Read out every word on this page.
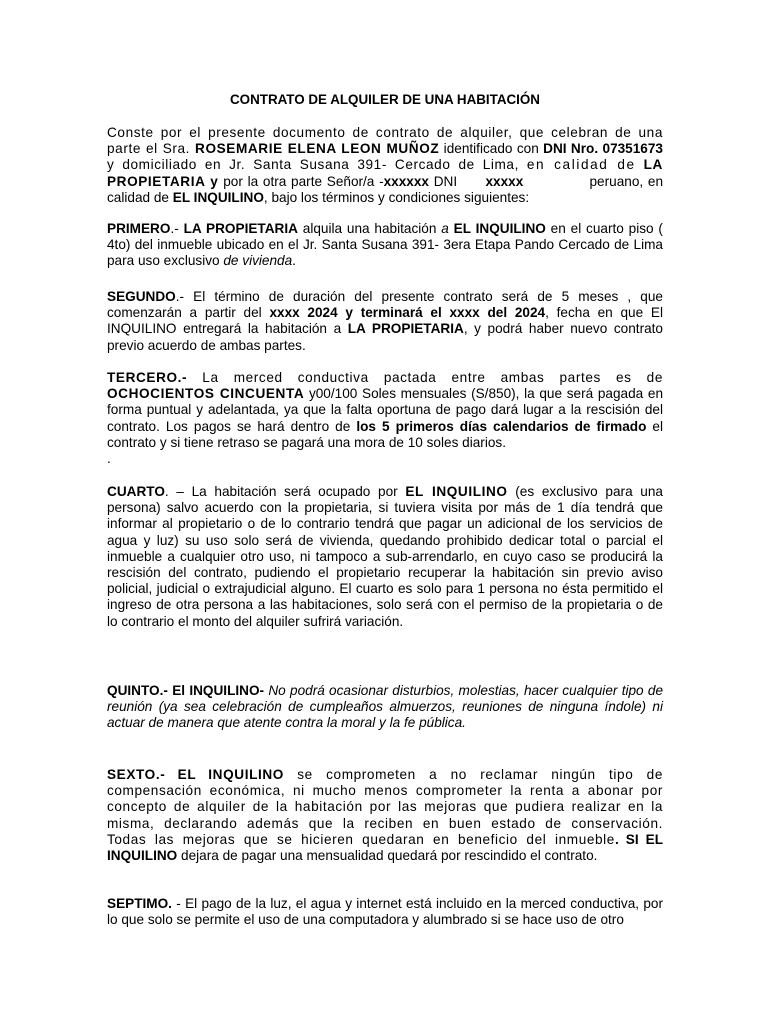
CONTRATO DE ALQUILER DE UNA HABITACIÓN

Conste por el presente documento de contrato de alquiler, que celebran de una parte el Sra. ROSEMARIE ELENA LEON MUÑOZ identificado con DNI Nro. 07351673 y domiciliado en Jr. Santa Susana 391- Cercado de Lima, en calidad de LA PROPIETARIA y por la otra parte Señor/a -xxxxxx DNI      xxxxx              peruano, en calidad de EL INQUILINO, bajo los términos y condiciones siguientes:

PRIMERO.- LA PROPIETARIA alquila una habitación a EL INQUILINO en el cuarto piso ( 4to) del inmueble ubicado en el Jr. Santa Susana 391- 3era Etapa Pando Cercado de Lima para uso exclusivo de vivienda.

SEGUNDO.- El término de duración del presente contrato será de 5 meses , que comenzarán a partir del xxxx 2024 y terminará el xxxx del 2024, fecha en que El INQUILINO entregará la habitación a LA PROPIETARIA, y podrá haber nuevo contrato previo acuerdo de ambas partes.

TERCERO.- La merced conductiva pactada entre ambas partes es de OCHOCIENTOS CINCUENTA y00/100 Soles mensuales (S/850), la que será pagada en forma puntual y adelantada, ya que la falta oportuna de pago dará lugar a la rescisión del contrato. Los pagos se hará dentro de los 5 primeros días calendarios de firmado el contrato y si tiene retraso se pagará una mora de 10 soles diarios.
.

CUARTO. – La habitación será ocupado por EL INQUILINO (es exclusivo para una persona) salvo acuerdo con la propietaria, si tuviera visita por más de 1 día tendrá que informar al propietario o de lo contrario tendrá que pagar un adicional de los servicios de agua y luz) su uso solo será de vivienda, quedando prohibido dedicar total o parcial el inmueble a cualquier otro uso, ni tampoco a sub-arrendarlo, en cuyo caso se producirá la rescisión del contrato, pudiendo el propietario recuperar la habitación sin previo aviso policial, judicial o extrajudicial alguno. El cuarto es solo para 1 persona no ésta permitido el ingreso de otra persona a las habitaciones, solo será con el permiso de la propietaria o de lo contrario el monto del alquiler sufrirá variación.

QUINTO.- El INQUILINO- No podrá ocasionar disturbios, molestias, hacer cualquier tipo de reunión (ya sea celebración de cumpleaños almuerzos, reuniones de ninguna índole) ni actuar de manera que atente contra la moral y la fe pública.

SEXTO.- EL INQUILINO se comprometen a no reclamar ningún tipo de compensación económica, ni mucho menos comprometer la renta a abonar por concepto de alquiler de la habitación por las mejoras que pudiera realizar en la misma, declarando además que la reciben en buen estado de conservación. Todas las mejoras que se hicieren quedaran en beneficio del inmueble. SI EL INQUILINO dejara de pagar una mensualidad quedará por rescindido el contrato.

SEPTIMO. - El pago de la luz, el agua y internet está incluido en la merced conductiva, por lo que solo se permite el uso de una computadora y alumbrado si se hace uso de otro
